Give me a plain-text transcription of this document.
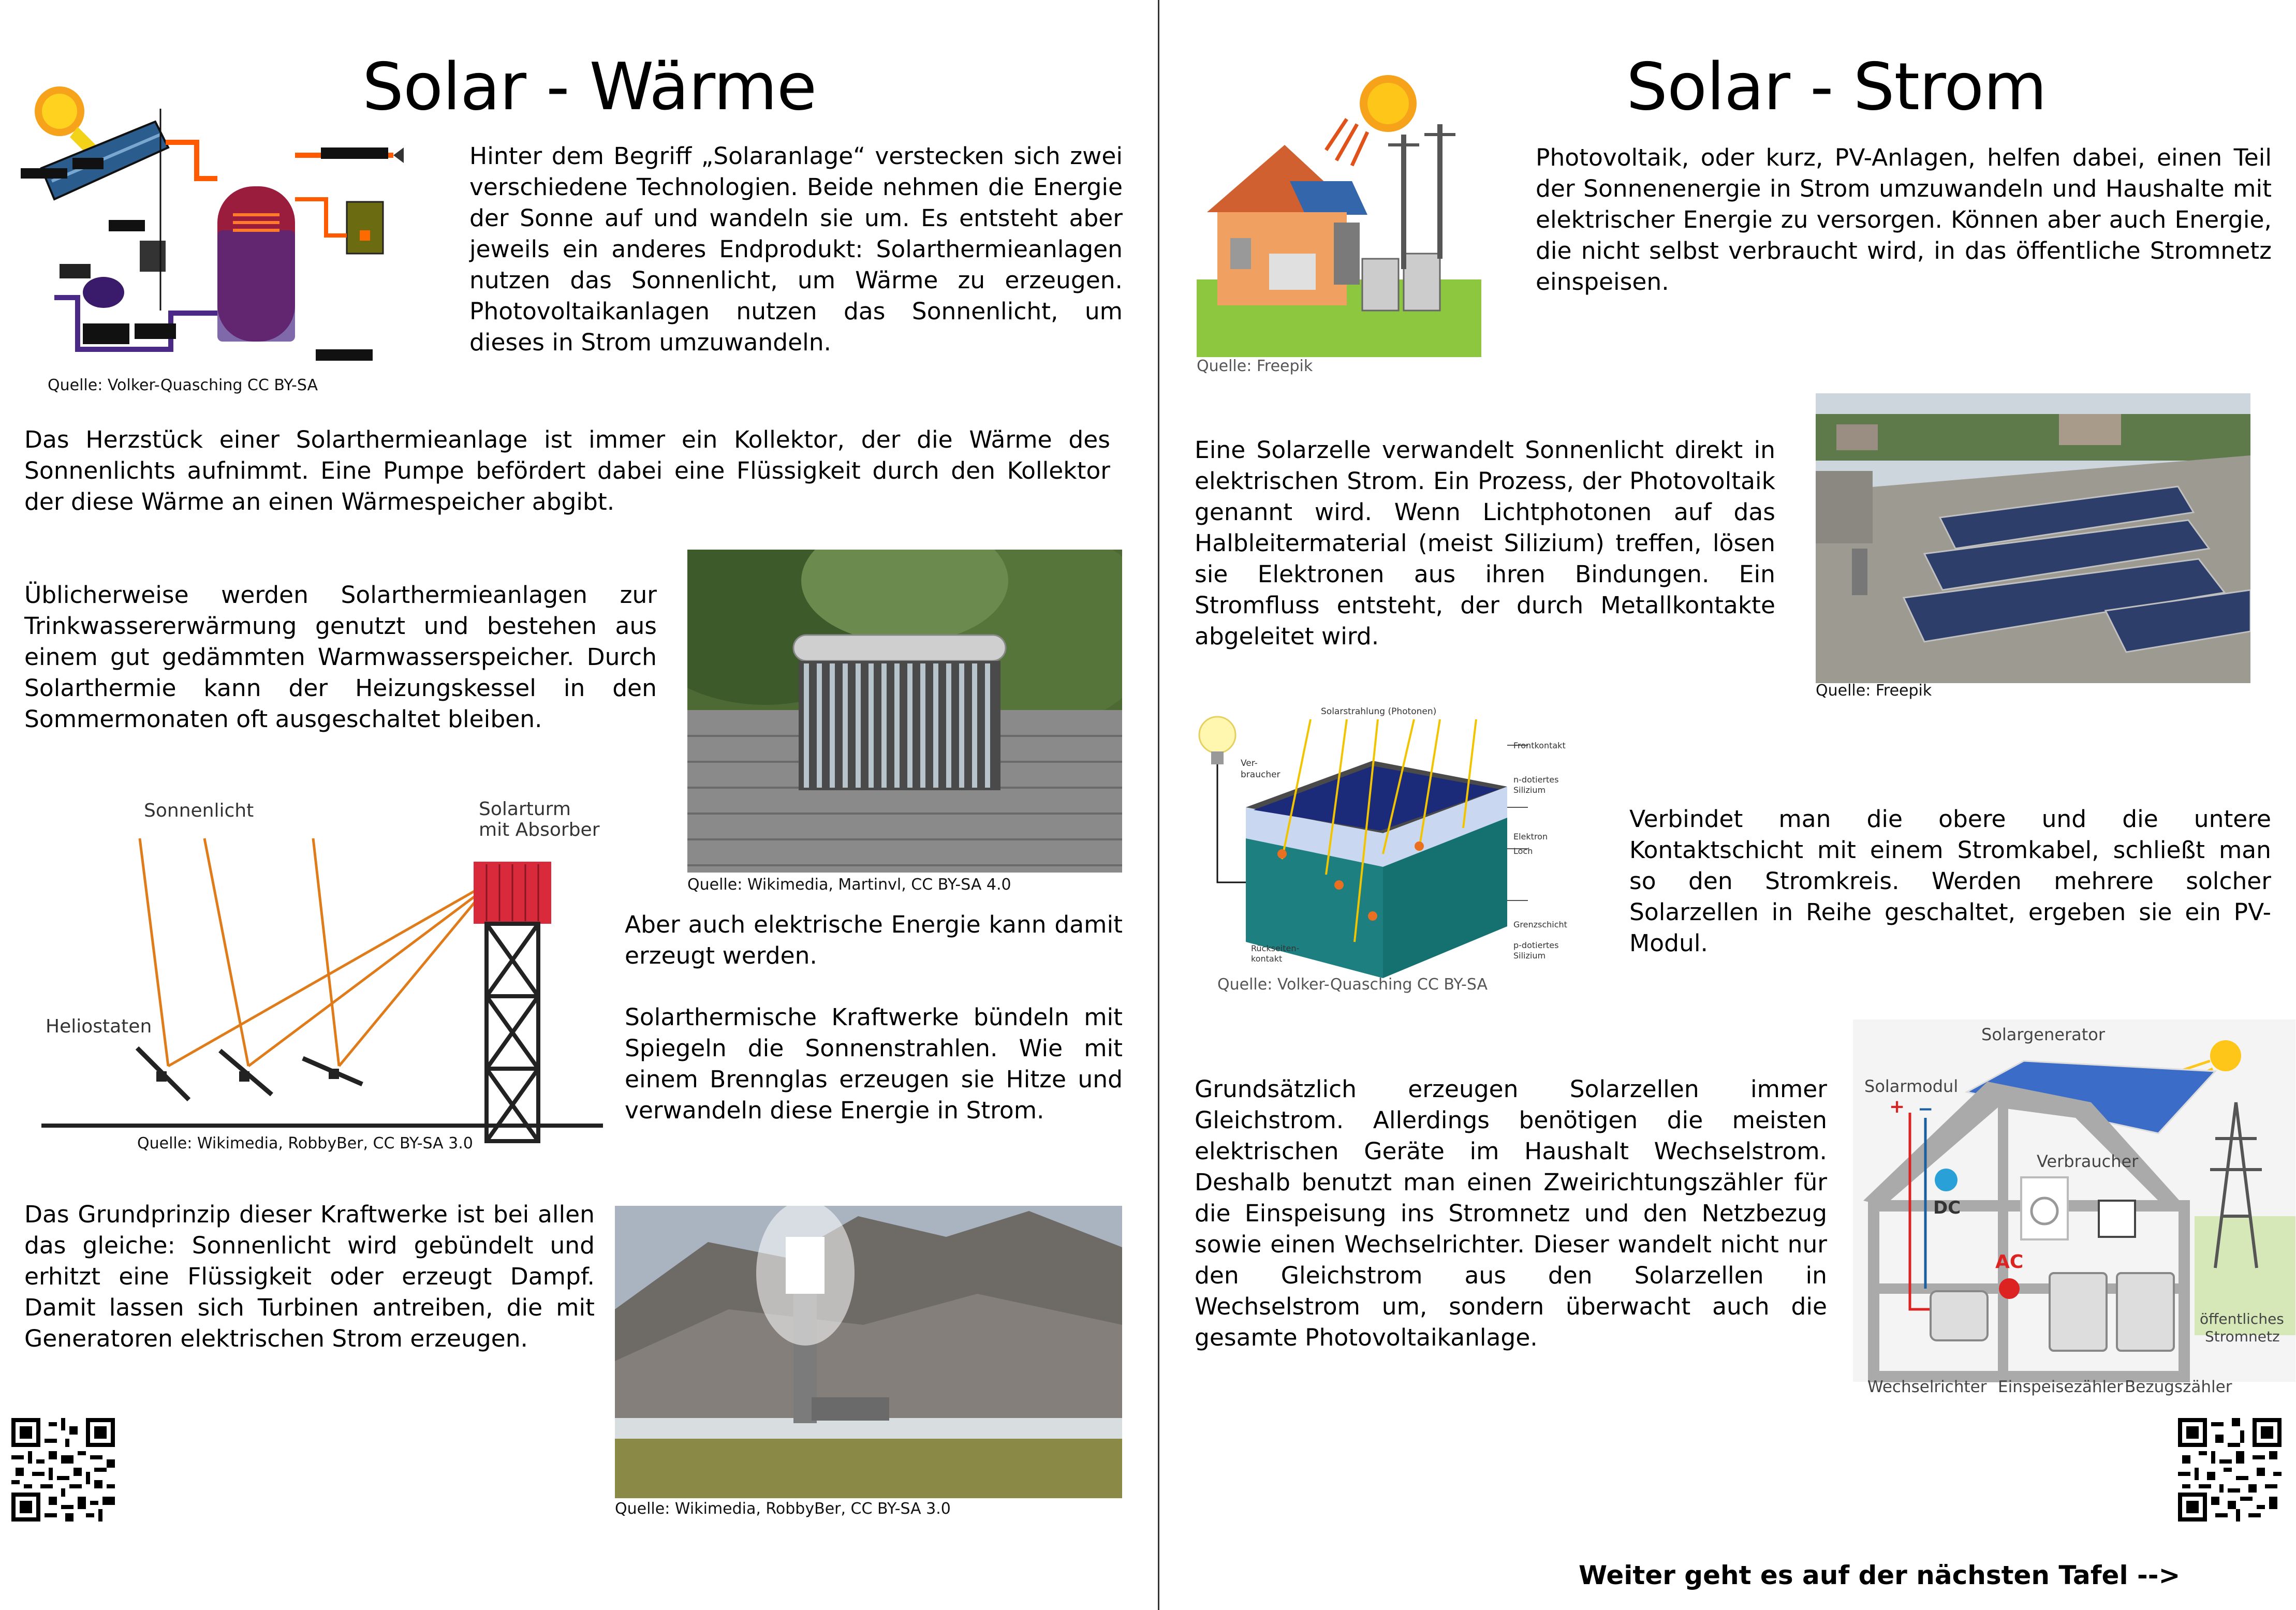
Solar - Wärme
Quelle: Volker-Quasching CC BY-SA
Hinter dem Begriff „Solaranlage“ verstecken sich zwei verschiedene Technologien. Beide nehmen die Energie der Sonne auf und wandeln sie um. Es entsteht aber jeweils ein anderes Endprodukt: Solarthermieanlagen nutzen das Sonnenlicht, um Wärme zu erzeugen. Photovoltaikanlagen nutzen das Sonnenlicht, um dieses in Strom umzuwandeln.
Das Herzstück einer Solarthermieanlage ist immer ein Kollektor, der die Wärme des Sonnenlichts aufnimmt. Eine Pumpe befördert dabei eine Flüssigkeit durch den Kollektor der diese Wärme an einen Wärmespeicher abgibt.
Üblicherweise werden Solarthermieanlagen zur Trinkwassererwärmung genutzt und bestehen aus einem gut gedämmten Warmwasserspeicher. Durch Solarthermie kann der Heizungskessel in den Sommermonaten oft ausgeschaltet bleiben.
Quelle: Wikimedia, Martinvl, CC BY-SA 4.0
Sonnenlicht	Solarturm
mit Absorber
Heliostaten
Quelle: Wikimedia, RobbyBer, CC BY-SA 3.0
Aber auch elektrische Energie kann damit erzeugt werden.
Solarthermische Kraftwerke bündeln mit Spiegeln die Sonnenstrahlen. Wie mit einem Brennglas erzeugen sie Hitze und verwandeln diese Energie in Strom.
Das Grundprinzip dieser Kraftwerke ist bei allen das gleiche: Sonnenlicht wird gebündelt und erhitzt eine Flüssigkeit oder erzeugt Dampf. Damit lassen sich Turbinen antreiben, die mit Generatoren elektrischen Strom erzeugen.
Quelle: Wikimedia, RobbyBer, CC BY-SA 3.0
Solar - Strom
Quelle: Freepik
Photovoltaik, oder kurz, PV-Anlagen, helfen dabei, einen Teil der Sonnenenergie in Strom umzuwandeln und Haushalte mit elektrischer Energie zu versorgen. Können aber auch Energie, die nicht selbst verbraucht wird, in das öffentliche Stromnetz einspeisen.
Eine Solarzelle verwandelt Sonnenlicht direkt in elektrischen Strom. Ein Prozess, der Photovoltaik genannt wird. Wenn Lichtphotonen auf das Halbleitermaterial (meist Silizium) treffen, lösen sie Elektronen aus ihren Bindungen. Ein Stromfluss entsteht, der durch Metallkontakte abgeleitet wird.
Quelle: Freepik
Ver-
braucher
Solarstrahlung (Photonen)
Frontkontakt
n-dotiertes
Silizium
Elektron
Loch
Grenzschicht
p-dotiertes
Silizium
Rückseiten-
kontakt
Quelle: Volker-Quasching CC BY-SA
Verbindet man die obere und die untere Kontaktschicht mit einem Stromkabel, schließt man so den Stromkreis. Werden mehrere solcher Solarzellen in Reihe geschaltet, ergeben sie ein PV-Modul.
Grundsätzlich erzeugen Solarzellen immer Gleichstrom. Allerdings benötigen die meisten elektrischen Geräte im Haushalt Wechselstrom. Deshalb benutzt man einen Zweirichtungszähler für die Einspeisung ins Stromnetz und den Netzbezug sowie einen Wechselrichter. Dieser wandelt nicht nur den Gleichstrom aus den Solarzellen in Wechselstrom um, sondern überwacht auch die gesamte Photovoltaikanlage.
Solargenerator
Solarmodul
+ −
DC
Verbraucher
AC
öffentliches
Stromnetz
Wechselrichter Einspeisezähler Bezugszähler
Weiter geht es auf der nächsten Tafel -->
